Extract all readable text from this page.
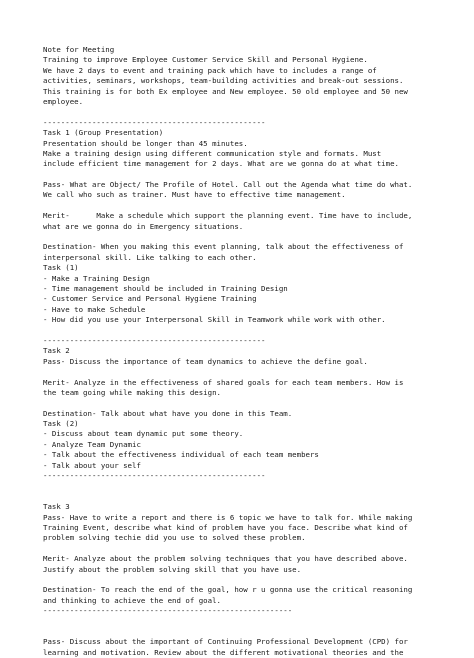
Note for Meeting
Training to improve Employee Customer Service Skill and Personal Hygiene.
We have 2 days to event and training pack which have to includes a range of
activities, seminars, workshops, team-building activities and break-out sessions.
This training is for both Ex employee and New employee. 50 old employee and 50 new
employee.
--------------------------------------------------
Task 1 (Group Presentation)
Presentation should be longer than 45 minutes.
Make a training design using different communication style and formats. Must
include efficient time management for 2 days. What are we gonna do at what time.
Pass- What are Object/ The Profile of Hotel. Call out the Agenda what time do what.
We call who such as trainer. Must have to effective time management.
Merit-      Make a schedule which support the planning event. Time have to include,
what are we gonna do in Emergency situations.
Destination- When you making this event planning, talk about the effectiveness of
interpersonal skill. Like talking to each other.
Task (1)
- Make a Training Design
- Time management should be included in Training Design
- Customer Service and Personal Hygiene Training
- Have to make Schedule
- How did you use your Interpersonal Skill in Teamwork while work with other.
--------------------------------------------------
Task 2
Pass- Discuss the importance of team dynamics to achieve the define goal.
Merit- Analyze in the effectiveness of shared goals for each team members. How is
the team going while making this design.
Destination- Talk about what have you done in this Team.
Task (2)
- Discuss about team dynamic put some theory.
- Analyze Team Dynamic
- Talk about the effectiveness individual of each team members
- Talk about your self
--------------------------------------------------
Task 3
Pass- Have to write a report and there is 6 topic we have to talk for. While making
Training Event, describe what kind of problem have you face. Describe what kind of
problem solving techie did you use to solved these problem.
Merit- Analyze about the problem solving techniques that you have described above.
Justify about the problem solving skill that you have use.
Destination- To reach the end of the goal, how r u gonna use the critical reasoning
and thinking to achieve the end of goal.
--------------------------------------------------------
Pass- Discuss about the important of Continuing Professional Development (CPD) for
learning and motivation. Review about the different motivational theories and the
